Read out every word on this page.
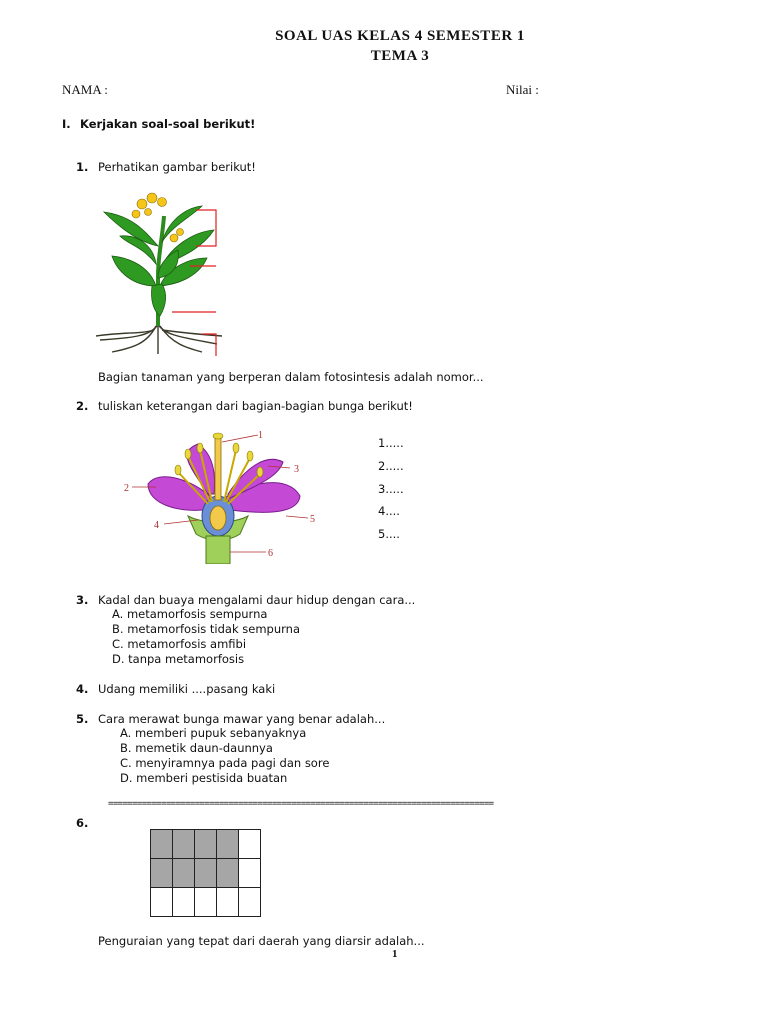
SOAL UAS KELAS 4 SEMESTER 1
TEMA 3
NAMA :	Nilai :
I. Kerjakan soal-soal berikut!
1. Perhatikan gambar berikut!
Bagian tanaman yang berperan dalam fotosintesis adalah nomor...
2. tuliskan keterangan dari bagian-bagian bunga berikut!
1
2
3
4
5
6
1.....
2.....
3.....
4....
5....
3. Kadal dan buaya mengalami daur hidup dengan cara...
A. metamorfosis sempurna
B. metamorfosis tidak sempurna
C. metamorfosis amfibi
D. tanpa metamorfosis
4. Udang memiliki ....pasang kaki
5. Cara merawat bunga mawar yang benar adalah...
A. memberi pupuk sebanyaknya
B. memetik daun-daunnya
C. menyiramnya pada pagi dan sore
D. memberi pestisida buatan
================================================================================
6.

Penguraian yang tepat dari daerah yang diarsir adalah...
1
